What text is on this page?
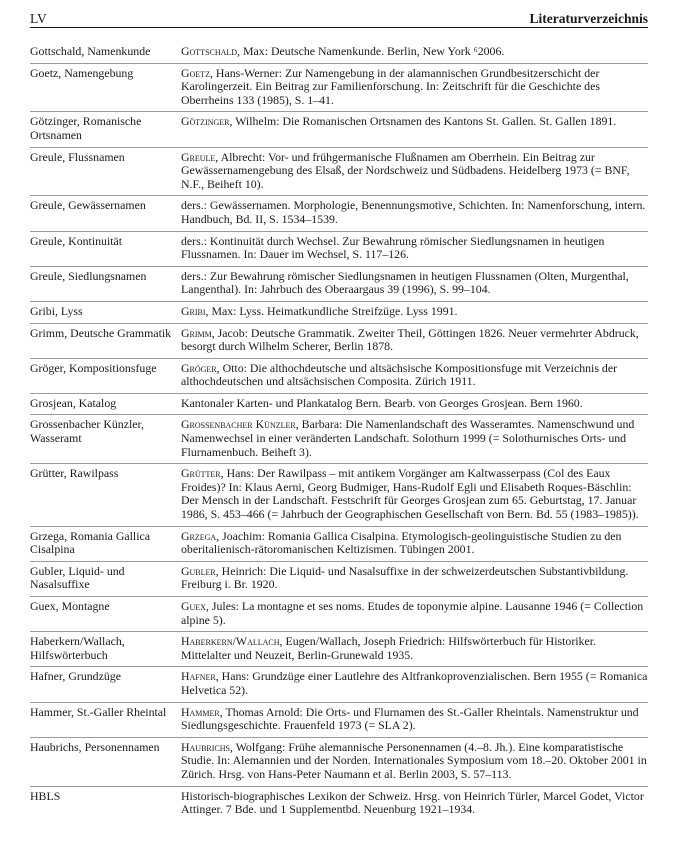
LV	Literaturverzeichnis
Gottschald, Namenkunde	Gottschald, Max: Deutsche Namenkunde. Berlin, New York ⁶2006.
Goetz, Namengebung	Goetz, Hans-Werner: Zur Namengebung in der alamannischen Grundbesitzerschicht der Karolingerzeit. Ein Beitrag zur Familienforschung. In: Zeitschrift für die Geschichte des Oberrheins 133 (1985), S. 1–41.
Götzinger, Romanische Ortsnamen	Götzinger, Wilhelm: Die Romanischen Ortsnamen des Kantons St. Gallen. St. Gallen 1891.
Greule, Flussnamen	Greule, Albrecht: Vor- und frühgermanische Flußnamen am Oberrhein. Ein Beitrag zur Gewässernamengebung des Elsaß, der Nordschweiz und Südbadens. Heidelberg 1973 (= BNF, N.F., Beiheft 10).
Greule, Gewässernamen	ders.: Gewässernamen. Morphologie, Benennungsmotive, Schichten. In: Namenforschung, intern. Handbuch, Bd. II, S. 1534–1539.
Greule, Kontinuität	ders.: Kontinuität durch Wechsel. Zur Bewahrung römischer Siedlungsnamen in heutigen Flussnamen. In: Dauer im Wechsel, S. 117–126.
Greule, Siedlungsnamen	ders.: Zur Bewahrung römischer Siedlungsnamen in heutigen Flussnamen (Olten, Murgenthal, Langenthal). In: Jahrbuch des Oberaargaus 39 (1996), S. 99–104.
Gribi, Lyss	Gribi, Max: Lyss. Heimatkundliche Streifzüge. Lyss 1991.
Grimm, Deutsche Grammatik	Grimm, Jacob: Deutsche Grammatik. Zweiter Theil, Göttingen 1826. Neuer vermehrter Abdruck, besorgt durch Wilhelm Scherer, Berlin 1878.
Gröger, Kompositionsfuge	Gröger, Otto: Die althochdeutsche und altsächsische Kompositionsfuge mit Verzeichnis der althochdeutschen und altsächsischen Composita. Zürich 1911.
Grosjean, Katalog	Kantonaler Karten- und Plankatalog Bern. Bearb. von Georges Grosjean. Bern 1960.
Grossenbacher Künzler, Wasseramt	Grossenbacher Künzler, Barbara: Die Namenlandschaft des Wasseramtes. Namenschwund und Namenwechsel in einer veränderten Landschaft. Solothurn 1999 (= Solothurnisches Orts- und Flurnamenbuch. Beiheft 3).
Grütter, Rawilpass	Grütter, Hans: Der Rawilpass – mit antikem Vorgänger am Kaltwasserpass (Col des Eaux Froides)? In: Klaus Aerni, Georg Budmiger, Hans-Rudolf Egli und Elisabeth Roques-Bäschlin: Der Mensch in der Landschaft. Festschrift für Georges Grosjean zum 65. Geburtstag, 17. Januar 1986, S. 453–466 (= Jahrbuch der Geographischen Gesellschaft von Bern. Bd. 55 (1983–1985)).
Grzega, Romania Gallica Cisalpina	Grzega, Joachim: Romania Gallica Cisalpina. Etymologisch-geolinguistische Studien zu den oberitalienisch-rätoromanischen Keltizismen. Tübingen 2001.
Gubler, Liquid- und Nasalsuffixe	Gubler, Heinrich: Die Liquid- und Nasalsuffixe in der schweizerdeutschen Substantivbildung. Freiburg i. Br. 1920.
Guex, Montagne	Guex, Jules: La montagne et ses noms. Etudes de toponymie alpine. Lausanne 1946 (= Collection alpine 5).
Haberkern/Wallach, Hilfswörterbuch	Haberkern/Wallach, Eugen/Wallach, Joseph Friedrich: Hilfswörterbuch für Historiker. Mittelalter und Neuzeit, Berlin-Grunewald 1935.
Hafner, Grundzüge	Hafner, Hans: Grundzüge einer Lautlehre des Altfrankoprovenzialischen. Bern 1955 (= Romanica Helvetica 52).
Hammer, St.-Galler Rheintal	Hammer, Thomas Arnold: Die Orts- und Flurnamen des St.-Galler Rheintals. Namenstruktur und Siedlungsgeschichte. Frauenfeld 1973 (= SLA 2).
Haubrichs, Personennamen	Haubrichs, Wolfgang: Frühe alemannische Personennamen (4.–8. Jh.). Eine komparatistische Studie. In: Alemannien und der Norden. Internationales Symposium vom 18.–20. Oktober 2001 in Zürich. Hrsg. von Hans-Peter Naumann et al. Berlin 2003, S. 57–113.
HBLS	Historisch-biographisches Lexikon der Schweiz. Hrsg. von Heinrich Türler, Marcel Godet, Victor Attinger. 7 Bde. und 1 Supplementbd. Neuenburg 1921–1934.
